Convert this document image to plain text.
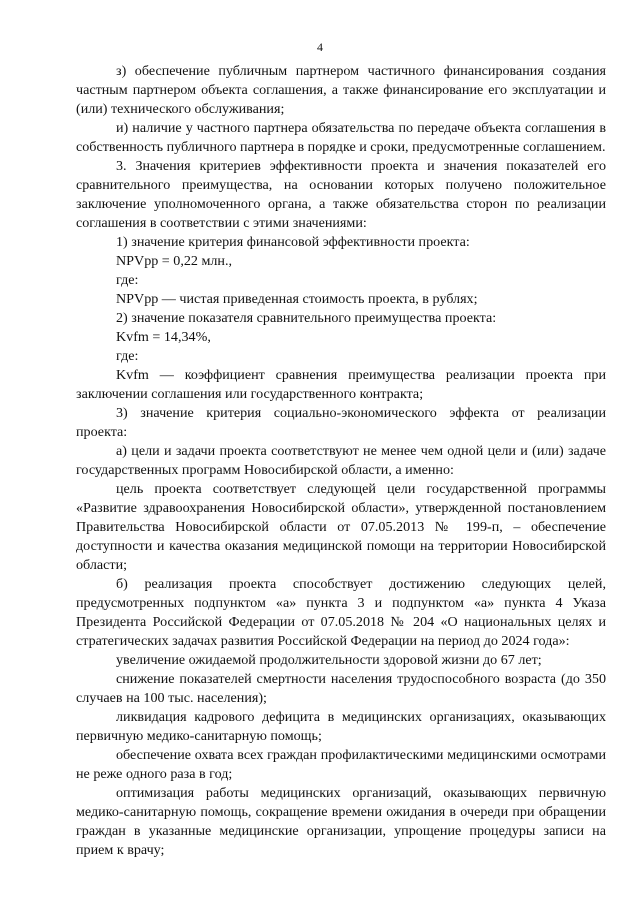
4

з) обеспечение публичным партнером частичного финансирования создания частным партнером объекта соглашения, а также финансирование его эксплуатации и (или) технического обслуживания;

и) наличие у частного партнера обязательства по передаче объекта соглашения в собственность публичного партнера в порядке и сроки, предусмотренные соглашением.

3. Значения критериев эффективности проекта и значения показателей его сравнительного преимущества, на основании которых получено положительное заключение уполномоченного органа, а также обязательства сторон по реализации соглашения в соответствии с этими значениями:

1) значение критерия финансовой эффективности проекта:

NPVpp = 0,22 млн.,

где:

NPVpp — чистая приведенная стоимость проекта, в рублях;

2) значение показателя сравнительного преимущества проекта:

Kvfm = 14,34%,

где:

Kvfm — коэффициент сравнения преимущества реализации проекта при заключении соглашения или государственного контракта;

3) значение критерия социально-экономического эффекта от реализации проекта:

а) цели и задачи проекта соответствуют не менее чем одной цели и (или) задаче государственных программ Новосибирской области, а именно:

цель проекта соответствует следующей цели государственной программы «Развитие здравоохранения Новосибирской области», утвержденной постановлением Правительства Новосибирской области от 07.05.2013 № 199-п, – обеспечение доступности и качества оказания медицинской помощи на территории Новосибирской области;

б) реализация проекта способствует достижению следующих целей, предусмотренных подпунктом «а» пункта 3 и подпунктом «а» пункта 4 Указа Президента Российской Федерации от 07.05.2018 № 204 «О национальных целях и стратегических задачах развития Российской Федерации на период до 2024 года»:

увеличение ожидаемой продолжительности здоровой жизни до 67 лет;

снижение показателей смертности населения трудоспособного возраста (до 350 случаев на 100 тыс. населения);

ликвидация кадрового дефицита в медицинских организациях, оказывающих первичную медико-санитарную помощь;

обеспечение охвата всех граждан профилактическими медицинскими осмотрами не реже одного раза в год;

оптимизация работы медицинских организаций, оказывающих первичную медико-санитарную помощь, сокращение времени ожидания в очереди при обращении граждан в указанные медицинские организации, упрощение процедуры записи на прием к врачу;
